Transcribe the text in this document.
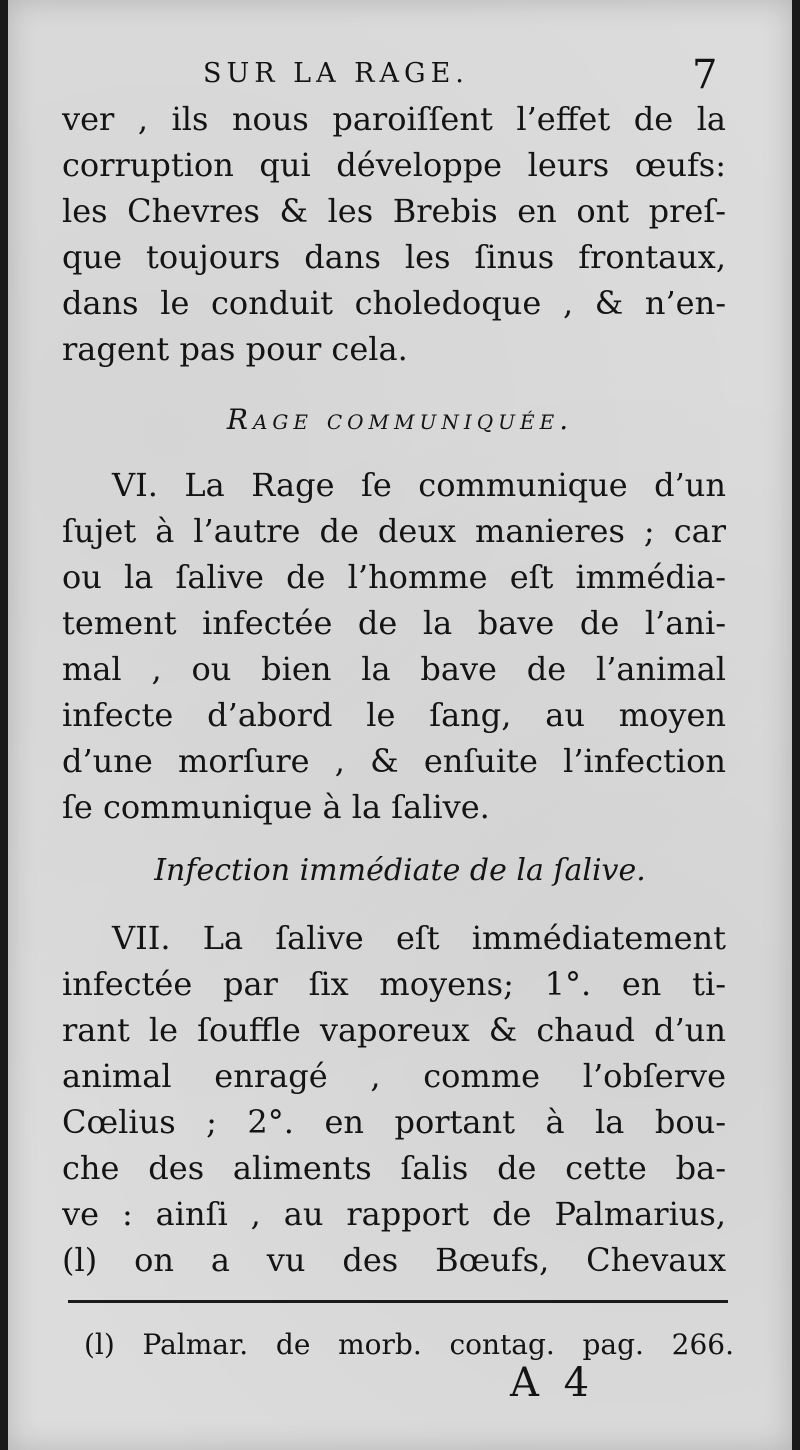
SUR LA RAGE.	7
ver , ils nous paroiſſent l’effet de la
corruption qui développe leurs œufs:
les Chevres & les Brebis en ont preſ-
que toujours dans les ſinus frontaux,
dans le conduit choledoque , & n’en-
ragent pas pour cela.
Rage communiquée.
VI. La Rage ſe communique d’un
ſujet à l’autre de deux manieres ; car
ou la ſalive de l’homme eſt immédia-
tement infectée de la bave de l’ani-
mal , ou bien la bave de l’animal
infecte d’abord le ſang, au moyen
d’une morſure , & enſuite l’infection
ſe communique à la ſalive.
Infection immédiate de la ſalive.
VII. La ſalive eſt immédiatement
infectée par ſix moyens; 1°. en ti-
rant le ſouffle vaporeux & chaud d’un
animal enragé , comme l’obſerve
Cœlius ; 2°. en portant à la bou-
che des aliments ſalis de cette ba-
ve : ainſi , au rapport de Palmarius,
(l) on a vu des Bœufs, Chevaux
(l) Palmar. de morb. contag. pag. 266.
A 4
